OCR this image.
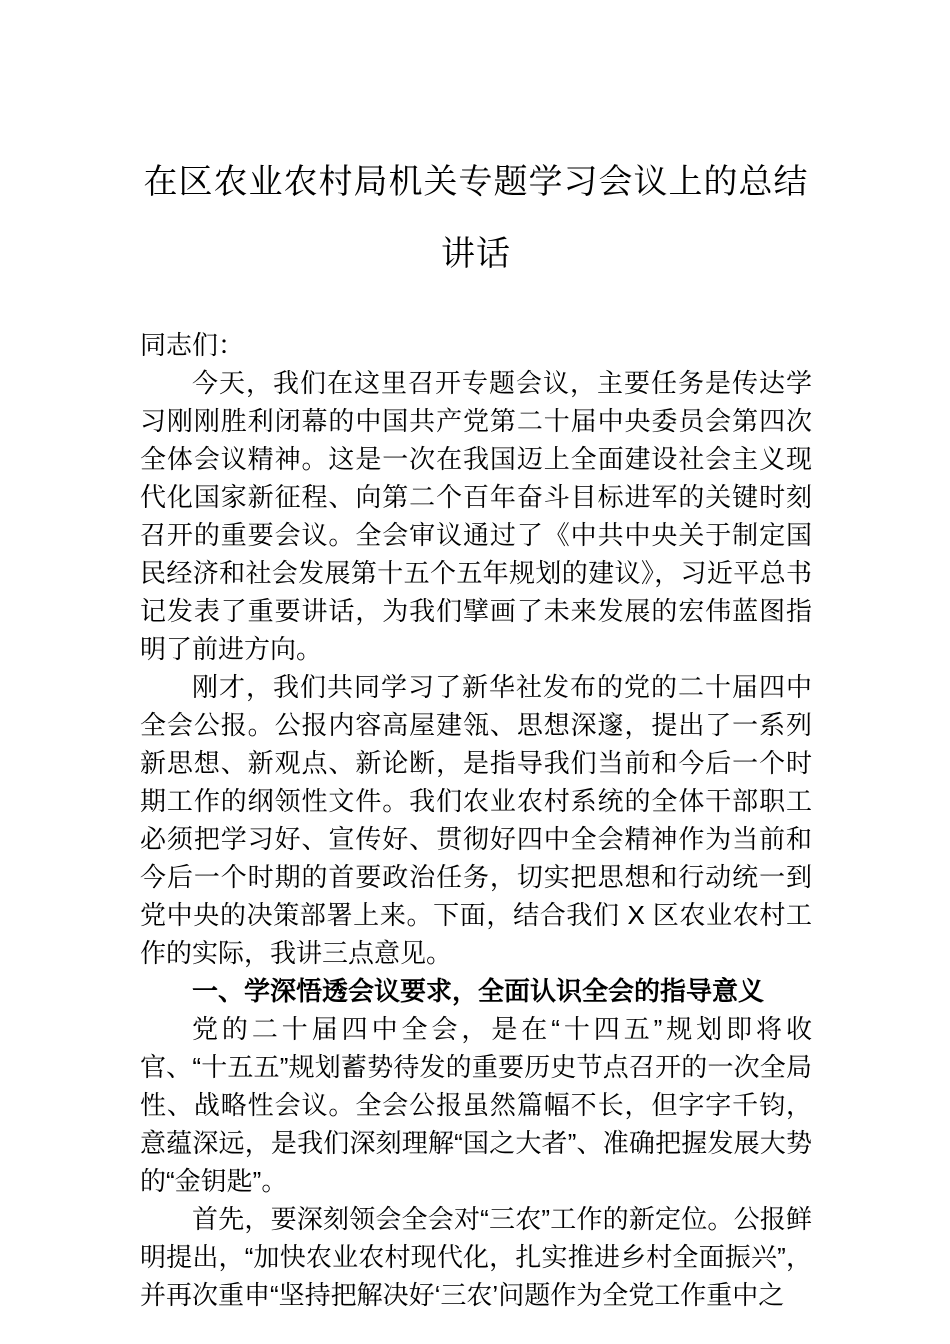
在区农业农村局机关专题学习会议上的总结讲话

同志们：

今天，我们在这里召开专题会议，主要任务是传达学习刚刚胜利闭幕的中国共产党第二十届中央委员会第四次全体会议精神。这是一次在我国迈上全面建设社会主义现代化国家新征程、向第二个百年奋斗目标进军的关键时刻召开的重要会议。全会审议通过了《中共中央关于制定国民经济和社会发展第十五个五年规划的建议》，习近平总书记发表了重要讲话，为我们擘画了未来发展的宏伟蓝图指明了前进方向。

刚才，我们共同学习了新华社发布的党的二十届四中全会公报。公报内容高屋建瓴、思想深邃，提出了一系列新思想、新观点、新论断，是指导我们当前和今后一个时期工作的纲领性文件。我们农业农村系统的全体干部职工必须把学习好、宣传好、贯彻好四中全会精神作为当前和今后一个时期的首要政治任务，切实把思想和行动统一到党中央的决策部署上来。下面，结合我们 X 区农业农村工作的实际，我讲三点意见。

一、学深悟透会议要求，全面认识全会的指导意义

党的二十届四中全会，是在“十四五”规划即将收官、“十五五”规划蓄势待发的重要历史节点召开的一次全局性、战略性会议。全会公报虽然篇幅不长，但字字千钧，意蕴深远，是我们深刻理解“国之大者”、准确把握发展大势的“金钥匙”。

首先，要深刻领会全会对“三农”工作的新定位。公报鲜明提出，“加快农业农村现代化，扎实推进乡村全面振兴”，并再次重申“坚持把解决好‘三农’问题作为全党工作重中之
